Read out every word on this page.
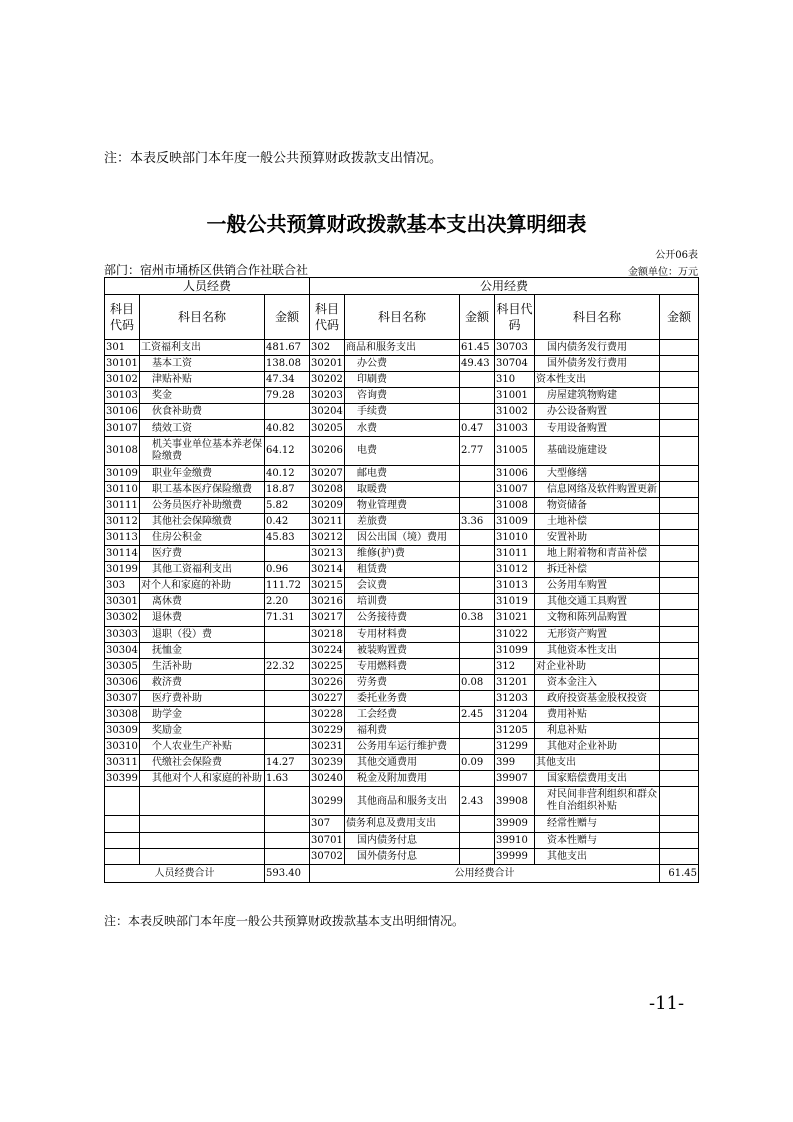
注：本表反映部门本年度一般公共预算财政拨款支出情况。
一般公共预算财政拨款基本支出决算明细表
公开06表
部门：宿州市埇桥区供销合作社联合社	金额单位：万元
人员经费			公用经费					
科目代码	科目名称	金额	科目代码	科目名称	金额	科目代码	科目名称	金额
301	工资福利支出	481.67	302	商品和服务支出	61.45	30703	国内债务发行费用	
30101	基本工资	138.08	30201	办公费	49.43	30704	国外债务发行费用	
30102	津贴补贴	47.34	30202	印刷费		310	资本性支出	
30103	奖金	79.28	30203	咨询费		31001	房屋建筑物购建	
30106	伙食补助费		30204	手续费		31002	办公设备购置	
30107	绩效工资	40.82	30205	水费	0.47	31003	专用设备购置	
30108	机关事业单位基本养老保险缴费	64.12	30206	电费	2.77	31005	基础设施建设	
30109	职业年金缴费	40.12	30207	邮电费		31006	大型修缮	
30110	职工基本医疗保险缴费	18.87	30208	取暖费		31007	信息网络及软件购置更新	
30111	公务员医疗补助缴费	5.82	30209	物业管理费		31008	物资储备	
30112	其他社会保障缴费	0.42	30211	差旅费	3.36	31009	土地补偿	
30113	住房公积金	45.83	30212	因公出国（境）费用		31010	安置补助	
30114	医疗费		30213	维修(护)费		31011	地上附着物和青苗补偿	
30199	其他工资福利支出	0.96	30214	租赁费		31012	拆迁补偿	
303	对个人和家庭的补助	111.72	30215	会议费		31013	公务用车购置	
30301	离休费	2.20	30216	培训费		31019	其他交通工具购置	
30302	退休费	71.31	30217	公务接待费	0.38	31021	文物和陈列品购置	
30303	退职（役）费		30218	专用材料费		31022	无形资产购置	
30304	抚恤金		30224	被装购置费		31099	其他资本性支出	
30305	生活补助	22.32	30225	专用燃料费		312	对企业补助	
30306	救济费		30226	劳务费	0.08	31201	资本金注入	
30307	医疗费补助		30227	委托业务费		31203	政府投资基金股权投资	
30308	助学金		30228	工会经费	2.45	31204	费用补贴	
30309	奖励金		30229	福利费		31205	利息补贴	
30310	个人农业生产补贴		30231	公务用车运行维护费		31299	其他对企业补助	
30311	代缴社会保险费	14.27	30239	其他交通费用	0.09	399	其他支出	
30399	其他对个人和家庭的补助	1.63	30240	税金及附加费用		39907	国家赔偿费用支出	
			30299	其他商品和服务支出	2.43	39908	对民间非营利组织和群众性自治组织补贴	
			307	债务利息及费用支出		39909	经常性赠与	
			30701	国内债务付息		39910	资本性赠与	
			30702	国外债务付息		39999	其他支出	
人员经费合计		593.40	公用经费合计					61.45
注：本表反映部门本年度一般公共预算财政拨款基本支出明细情况。
-11-
